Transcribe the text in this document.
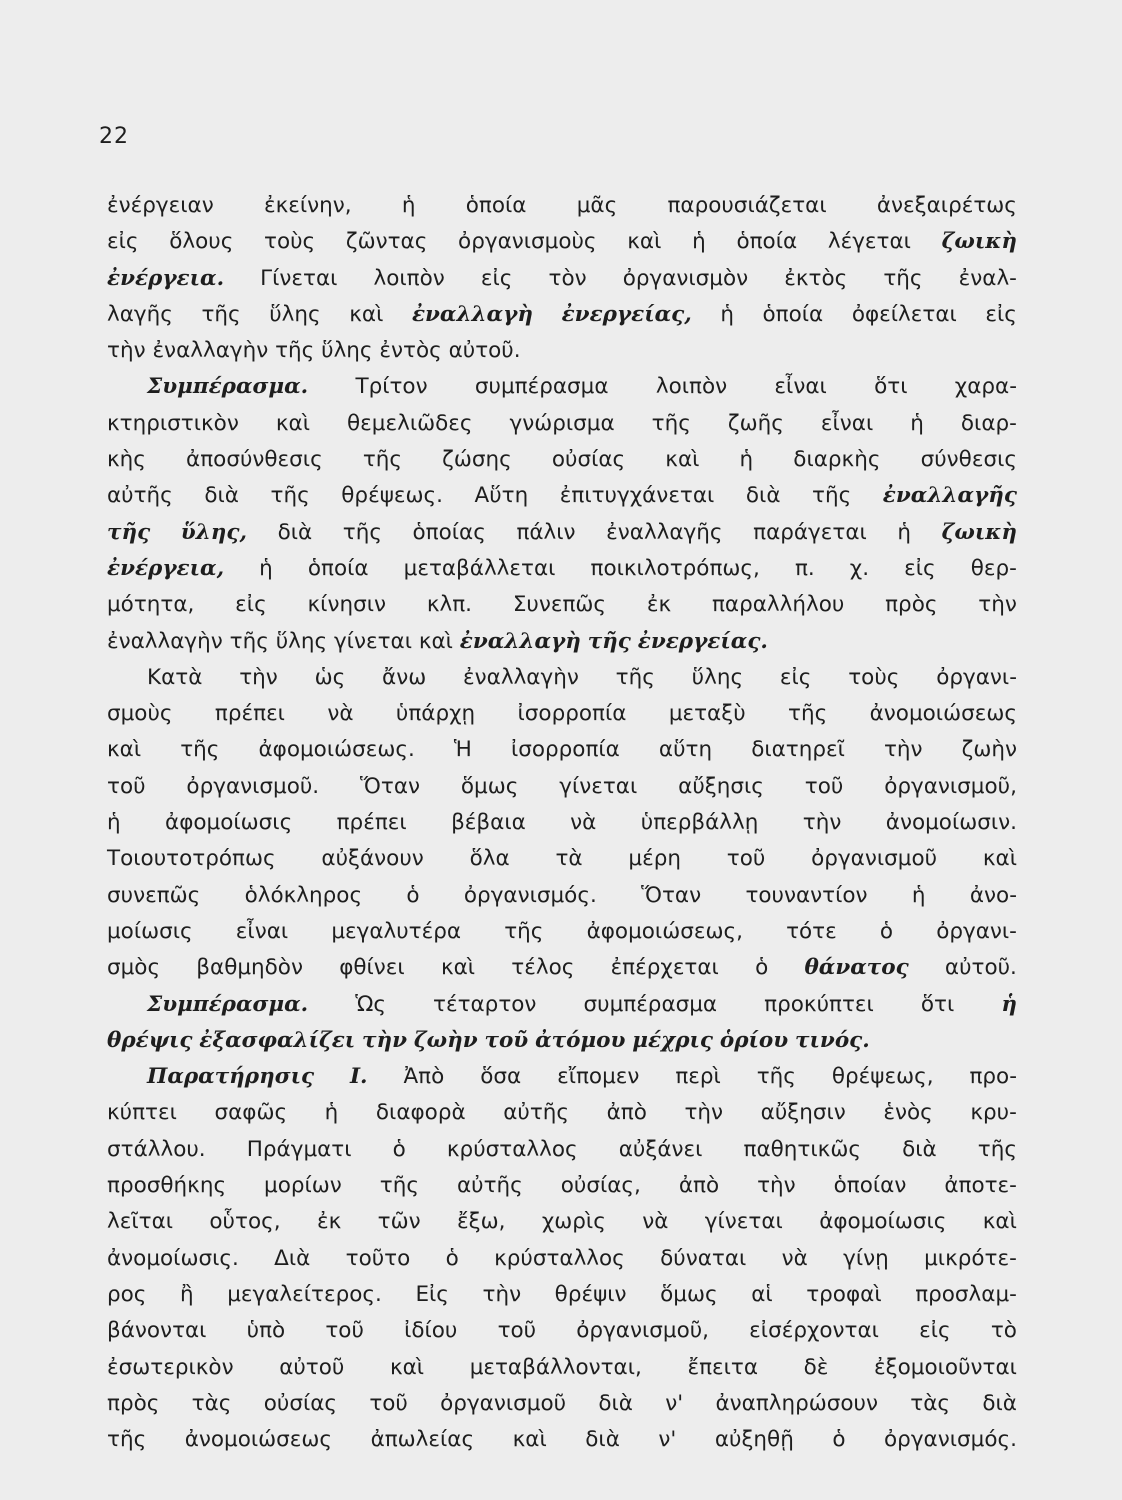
22
ἐνέργειαν ἐκείνην, ἡ ὁποία μᾶς παρουσιάζεται ἀνεξαιρέτως
εἰς ὅλους τοὺς ζῶντας ὀργανισμοὺς καὶ ἡ ὁποία λέγεται ζωικὴ
ἐνέργεια. Γίνεται λοιπὸν εἰς τὸν ὀργανισμὸν ἐκτὸς τῆς ἐναλ-
λαγῆς τῆς ὕλης καὶ ἐναλλαγὴ ἐνεργείας, ἡ ὁποία ὀφείλεται εἰς
τὴν
ἐναλλαγὴν
τῆς
ὕλης
ἐντὸς
αὐτοῦ.
Συμπέρασμα. Τρίτον συμπέρασμα λοιπὸν εἶναι ὅτι χαρα-
κτηριστικὸν καὶ θεμελιῶδες γνώρισμα τῆς ζωῆς εἶναι ἡ διαρ-
κὴς ἀποσύνθεσις τῆς ζώσης οὐσίας καὶ ἡ διαρκὴς σύνθεσις
αὐτῆς διὰ τῆς θρέψεως. Αὕτη ἐπιτυγχάνεται διὰ τῆς ἐναλλαγῆς
τῆς ὕλης, διὰ τῆς ὁποίας πάλιν ἐναλλαγῆς παράγεται ἡ ζωικὴ
ἐνέργεια, ἡ ὁποία μεταβάλλεται ποικιλοτρόπως, π. χ. εἰς θερ-
μότητα, εἰς κίνησιν κλπ. Συνεπῶς ἐκ παραλλήλου πρὸς τὴν
ἐναλλαγὴν
τῆς
ὕλης
γίνεται
καὶ
ἐναλλαγὴ
τῆς
ἐνεργείας.
Κατὰ τὴν ὡς ἄνω ἐναλλαγὴν τῆς ὕλης εἰς τοὺς ὀργανι-
σμοὺς πρέπει νὰ ὑπάρχῃ ἰσορροπία μεταξὺ τῆς ἀνομοιώσεως
καὶ τῆς ἀφομοιώσεως. Ἡ ἰσορροπία αὕτη διατηρεῖ τὴν ζωὴν
τοῦ ὀργανισμοῦ. Ὅταν ὅμως γίνεται αὔξησις τοῦ ὀργανισμοῦ,
ἡ ἀφομοίωσις πρέπει βέβαια νὰ ὑπερβάλλῃ τὴν ἀνομοίωσιν.
Τοιουτοτρόπως αὐξάνουν ὅλα τὰ μέρη τοῦ ὀργανισμοῦ καὶ
συνεπῶς ὁλόκληρος ὁ ὀργανισμός. Ὅταν τουναντίον ἡ ἀνο-
μοίωσις εἶναι μεγαλυτέρα τῆς ἀφομοιώσεως, τότε ὁ ὀργανι-
σμὸς βαθμηδὸν φθίνει καὶ τέλος ἐπέρχεται ὁ θάνατος αὐτοῦ.
Συμπέρασμα. Ὡς τέταρτον συμπέρασμα προκύπτει ὅτι ἡ
θρέψις
ἐξασφαλίζει
τὴν
ζωὴν
τοῦ
ἀτόμου
μέχρις
ὁρίου
τινός.
Παρατήρησις I. Ἀπὸ ὅσα εἴπομεν περὶ τῆς θρέψεως, προ-
κύπτει σαφῶς ἡ διαφορὰ αὐτῆς ἀπὸ τὴν αὔξησιν ἑνὸς κρυ-
στάλλου. Πράγματι ὁ κρύσταλλος αὐξάνει παθητικῶς διὰ τῆς
προσθήκης μορίων τῆς αὐτῆς οὐσίας, ἀπὸ τὴν ὁποίαν ἀποτε-
λεῖται οὗτος, ἐκ τῶν ἔξω, χωρὶς νὰ γίνεται ἀφομοίωσις καὶ
ἀνομοίωσις. Διὰ τοῦτο ὁ κρύσταλλος δύναται νὰ γίνῃ μικρότε-
ρος ἢ μεγαλείτερος. Εἰς τὴν θρέψιν ὅμως αἱ τροφαὶ προσλαμ-
βάνονται ὑπὸ τοῦ ἰδίου τοῦ ὀργανισμοῦ, εἰσέρχονται εἰς τὸ
ἐσωτερικὸν αὐτοῦ καὶ μεταβάλλονται, ἔπειτα δὲ ἐξομοιοῦνται
πρὸς τὰς οὐσίας τοῦ ὀργανισμοῦ διὰ ν' ἀναπληρώσουν τὰς διὰ
τῆς ἀνομοιώσεως ἀπωλείας καὶ διὰ ν' αὐξηθῇ ὁ ὀργανισμός.
